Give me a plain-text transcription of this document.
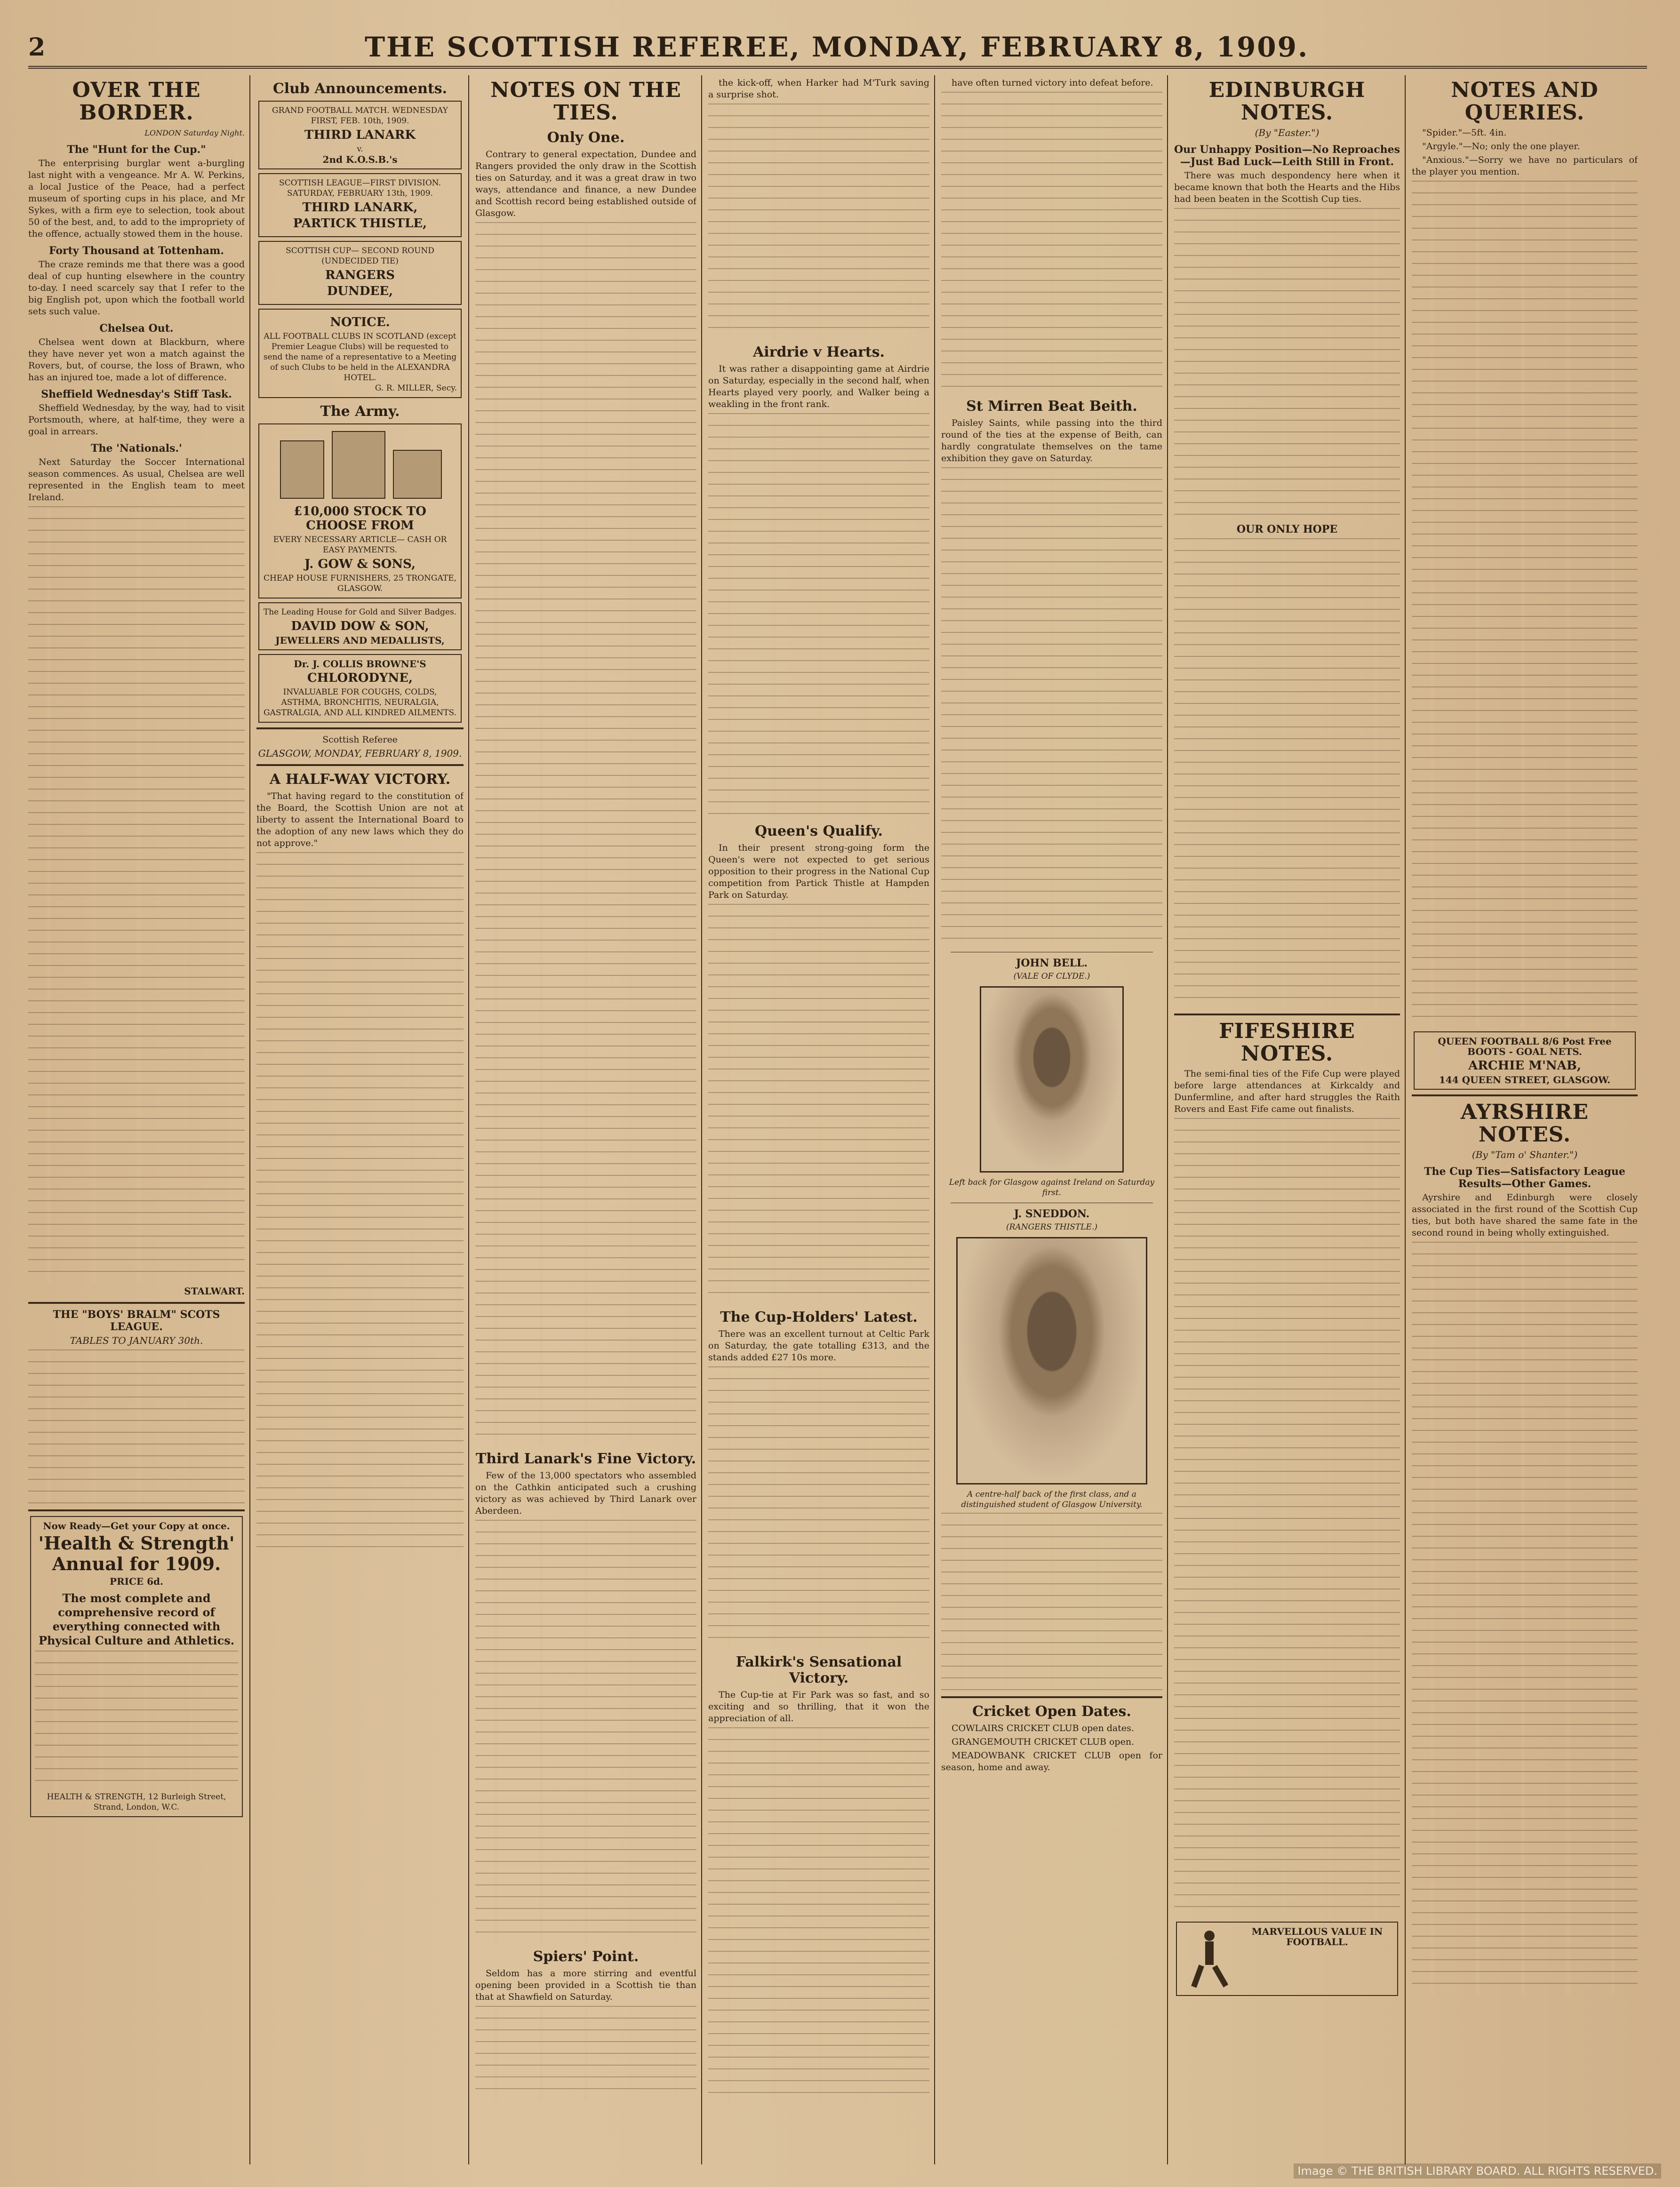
2	THE SCOTTISH REFEREE, MONDAY, FEBRUARY 8, 1909.
OVER THE BORDER.
LONDON Saturday Night.
The "Hunt for the Cup."

The enterprising burglar went a-burgling last night with a vengeance. Mr A. W. Perkins, a local Justice of the Peace, had a perfect museum of sporting cups in his place, and Mr Sykes, with a firm eye to selection, took about 50 of the best, and, to add to the impropriety of the offence, actually stowed them in the house.

Forty Thousand at Tottenham.

The craze reminds me that there was a good deal of cup hunting elsewhere in the country to-day. I need scarcely say that I refer to the big English pot, upon which the football world sets such value.

Chelsea Out.

Chelsea went down at Blackburn, where they have never yet won a match against the Rovers, but, of course, the loss of Brawn, who has an injured toe, made a lot of difference.

Sheffield Wednesday's Stiff Task.

Sheffield Wednesday, by the way, had to visit Portsmouth, where, at half-time, they were a goal in arrears.

The 'Nationals.'

Next Saturday the Soccer International season commences. As usual, Chelsea are well represented in the English team to meet Ireland.

STALWART.
THE "BOYS' BRALM" SCOTS LEAGUE.
TABLES TO JANUARY 30th.
Now Ready—Get your Copy at once.
'Health & Strength' Annual for 1909.
PRICE 6d.
The most complete and comprehensive record of everything connected with Physical Culture and Athletics.
HEALTH & STRENGTH, 12 Burleigh Street, Strand, London, W.C.
Club Announcements.
GRAND FOOTBALL MATCH. WEDNESDAY FIRST, FEB. 10th, 1909.
THIRD LANARK
v.
2nd K.O.S.B.'s
SCOTTISH LEAGUE—FIRST DIVISION. SATURDAY, FEBRUARY 13th, 1909.
THIRD LANARK,
PARTICK THISTLE,
SCOTTISH CUP— SECOND ROUND (UNDECIDED TIE)
RANGERS
DUNDEE,
NOTICE.
ALL FOOTBALL CLUBS IN SCOTLAND (except Premier League Clubs) will be requested to send the name of a representative to a Meeting of such Clubs to be held in the ALEXANDRA HOTEL.
G. R. MILLER, Secy.
The Army.
£10,000 STOCK TO CHOOSE FROM
EVERY NECESSARY ARTICLE— CASH OR EASY PAYMENTS.
J. GOW & SONS,
CHEAP HOUSE FURNISHERS, 25 TRONGATE, GLASGOW.
The Leading House for Gold and Silver Badges.
DAVID DOW & SON,
JEWELLERS AND MEDALLISTS,
Dr. J. COLLIS BROWNE'S
CHLORODYNE,
INVALUABLE FOR COUGHS, COLDS, ASTHMA, BRONCHITIS, NEURALGIA, GASTRALGIA, AND ALL KINDRED AILMENTS.
Scottish Referee
GLASGOW, MONDAY, FEBRUARY 8, 1909.
A HALF-WAY VICTORY.

"That having regard to the constitution of the Board, the Scottish Union are not at liberty to assent the International Board to the adoption of any new laws which they do not approve."

NOTES ON THE TIES.
Only One.

Contrary to general expectation, Dundee and Rangers provided the only draw in the Scottish ties on Saturday, and it was a great draw in two ways, attendance and finance, a new Dundee and Scottish record being established outside of Glasgow.

Third Lanark's Fine Victory.

Few of the 13,000 spectators who assembled on the Cathkin anticipated such a crushing victory as was achieved by Third Lanark over Aberdeen.

Spiers' Point.

Seldom has a more stirring and eventful opening been provided in a Scottish tie than that at Shawfield on Saturday.

the kick-off, when Harker had M'Turk saving a surprise shot.

Airdrie v Hearts.

It was rather a disappointing game at Airdrie on Saturday, especially in the second half, when Hearts played very poorly, and Walker being a weakling in the front rank.

Queen's Qualify.

In their present strong-going form the Queen's were not expected to get serious opposition to their progress in the National Cup competition from Partick Thistle at Hampden Park on Saturday.

The Cup-Holders' Latest.

There was an excellent turnout at Celtic Park on Saturday, the gate totalling £313, and the stands added £27 10s more.

Falkirk's Sensational Victory.

The Cup-tie at Fir Park was so fast, and so exciting and so thrilling, that it won the appreciation of all.

have often turned victory into defeat before.

St Mirren Beat Beith.

Paisley Saints, while passing into the third round of the ties at the expense of Beith, can hardly congratulate themselves on the tame exhibition they gave on Saturday.

JOHN BELL.
(VALE OF CLYDE.)
Left back for Glasgow against Ireland on Saturday first.
J. SNEDDON.
(RANGERS THISTLE.)
A centre-half back of the first class, and a distinguished student of Glasgow University.
Cricket Open Dates.

COWLAIRS CRICKET CLUB open dates.

GRANGEMOUTH CRICKET CLUB open.

MEADOWBANK CRICKET CLUB open for season, home and away.

EDINBURGH NOTES.
(By "Easter.")
Our Unhappy Position—No Reproaches —Just Bad Luck—Leith Still in Front.

There was much despondency here when it became known that both the Hearts and the Hibs had been beaten in the Scottish Cup ties.

OUR ONLY HOPE
FIFESHIRE NOTES.

The semi-final ties of the Fife Cup were played before large attendances at Kirkcaldy and Dunfermline, and after hard struggles the Raith Rovers and East Fife came out finalists.

MARVELLOUS VALUE IN FOOTBALL.
NOTES AND QUERIES.

"Spider."—5ft. 4in.

"Argyle."—No; only the one player.

"Anxious."—Sorry we have no particulars of the player you mention.

QUEEN FOOTBALL 8/6 Post Free
BOOTS - GOAL NETS.
ARCHIE M'NAB,
144 QUEEN STREET, GLASGOW.
AYRSHIRE NOTES.
(By "Tam o' Shanter.")
The Cup Ties—Satisfactory League Results—Other Games.

Ayrshire and Edinburgh were closely associated in the first round of the Scottish Cup ties, but both have shared the same fate in the second round in being wholly extinguished.

Image © THE BRITISH LIBRARY BOARD. ALL RIGHTS RESERVED.
